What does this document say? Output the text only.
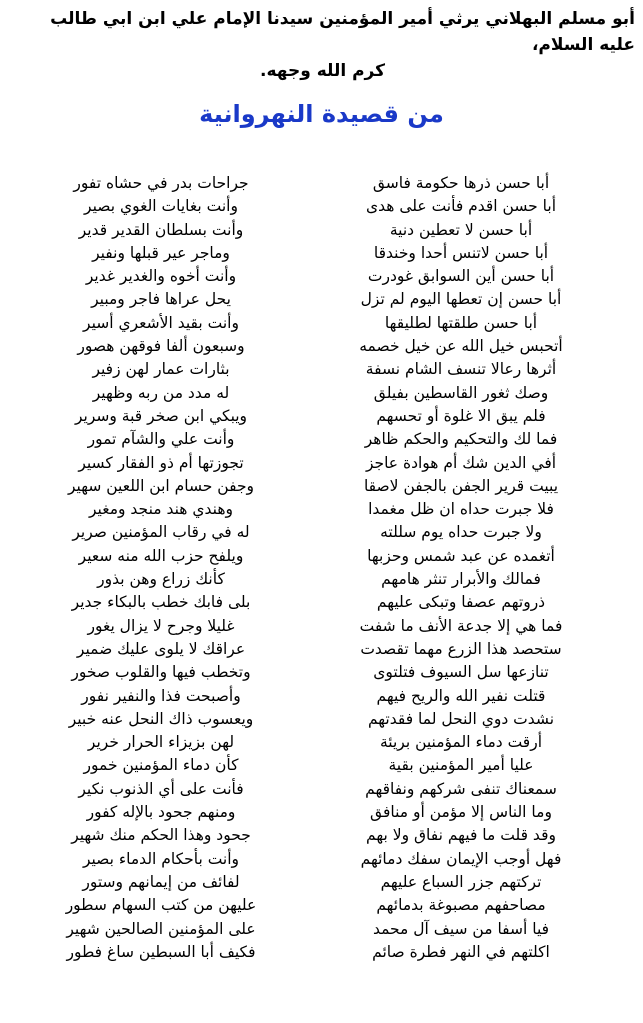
أبو مسلم البهلاني يرثي أمير المؤمنين سيدنا الإمام علي ابن ابي طالب عليه السلام،
كرم الله وجهه.

من قصيدة النهروانية
أبا حسن ذرها حكومة فاسق
جراحات بدر في حشاه تفور
أبا حسن اقدم فأنت على هدى
وأنت بغايات الغوي بصير
أبا حسن لا تعطين دنية
وأنت بسلطان القدير قدير
أبا حسن لاتنس أحدا وخندقا
وماجر عير قبلها ونفير
أبا حسن أين السوابق غودرت
وأنت أخوه والغدير غدير
أبا حسن إن تعطها اليوم لم تزل
يحل عراها فاجر ومبير
أبا حسن طلقتها لطليقها
وأنت بقيد الأشعري أسير
أتحبس خيل الله عن خيل خصمه
وسبعون ألفا فوقهن هصور
أثرها رعالا تنسف الشام نسفة
بثارات عمار لهن زفير
وصك ثغور القاسطين بفيلق
له مدد من ربه وظهير
فلم يبق الا غلوة أو تحسهم
ويبكي ابن صخر قبة وسرير
فما لك والتحكيم والحكم ظاهر
وأنت علي والشآم تمور
أفي الدين شك أم هوادة عاجز
تجوزتها أم ذو الفقار كسير
يبيت قرير الجفن بالجفن لاصقا
وجفن حسام ابن اللعين سهير
فلا جبرت حداه ان ظل مغمدا
وهندي هند منجد ومغير
ولا جبرت حداه يوم سللته
له في رقاب المؤمنين صرير
أتغمده عن عبد شمس وحزبها
ويلفح حزب الله منه سعير
فمالك والأبرار تنثر هامهم
كأنك زراع وهن بذور
ذروتهم عصفا وتبكى عليهم
بلى فابك خطب بالبكاء جدير
فما هي إلا جدعة الأنف ما شفت
غليلا وجرح لا يزال يغور
ستحصد هذا الزرع مهما تقصدت
عراقك لا يلوى عليك ضمير
تنازعها سل السيوف فتلتوى
وتخطب فيها والقلوب صخور
قتلت نفير الله والريح فيهم
وأصبحت فذا والنفير نفور
نشدت دوي النحل لما فقدتهم
ويعسوب ذاك النحل عنه خبير
أرقت دماء المؤمنين بريئة
لهن بزيزاء الحرار خرير
عليا أمير المؤمنين بقية
كأن دماء المؤمنين خمور
سمعناك تنفى شركهم ونفاقهم
فأنت على أي الذنوب نكير
وما الناس إلا مؤمن أو منافق
ومنهم جحود بالإله كفور
وقد قلت ما فيهم نفاق ولا بهم
جحود وهذا الحكم منك شهير
فهل أوجب الإيمان سفك دمائهم
وأنت بأحكام الدماء بصير
تركتهم جزر السباع عليهم
لفائف من إيمانهم وستور
مصاحفهم مصبوغة بدمائهم
عليهن من كتب السهام سطور
فيا أسفا من سيف آل محمد
على المؤمنين الصالحين شهير
اكلتهم في النهر فطرة صائم
فكيف أبا السبطين ساغ فطور
